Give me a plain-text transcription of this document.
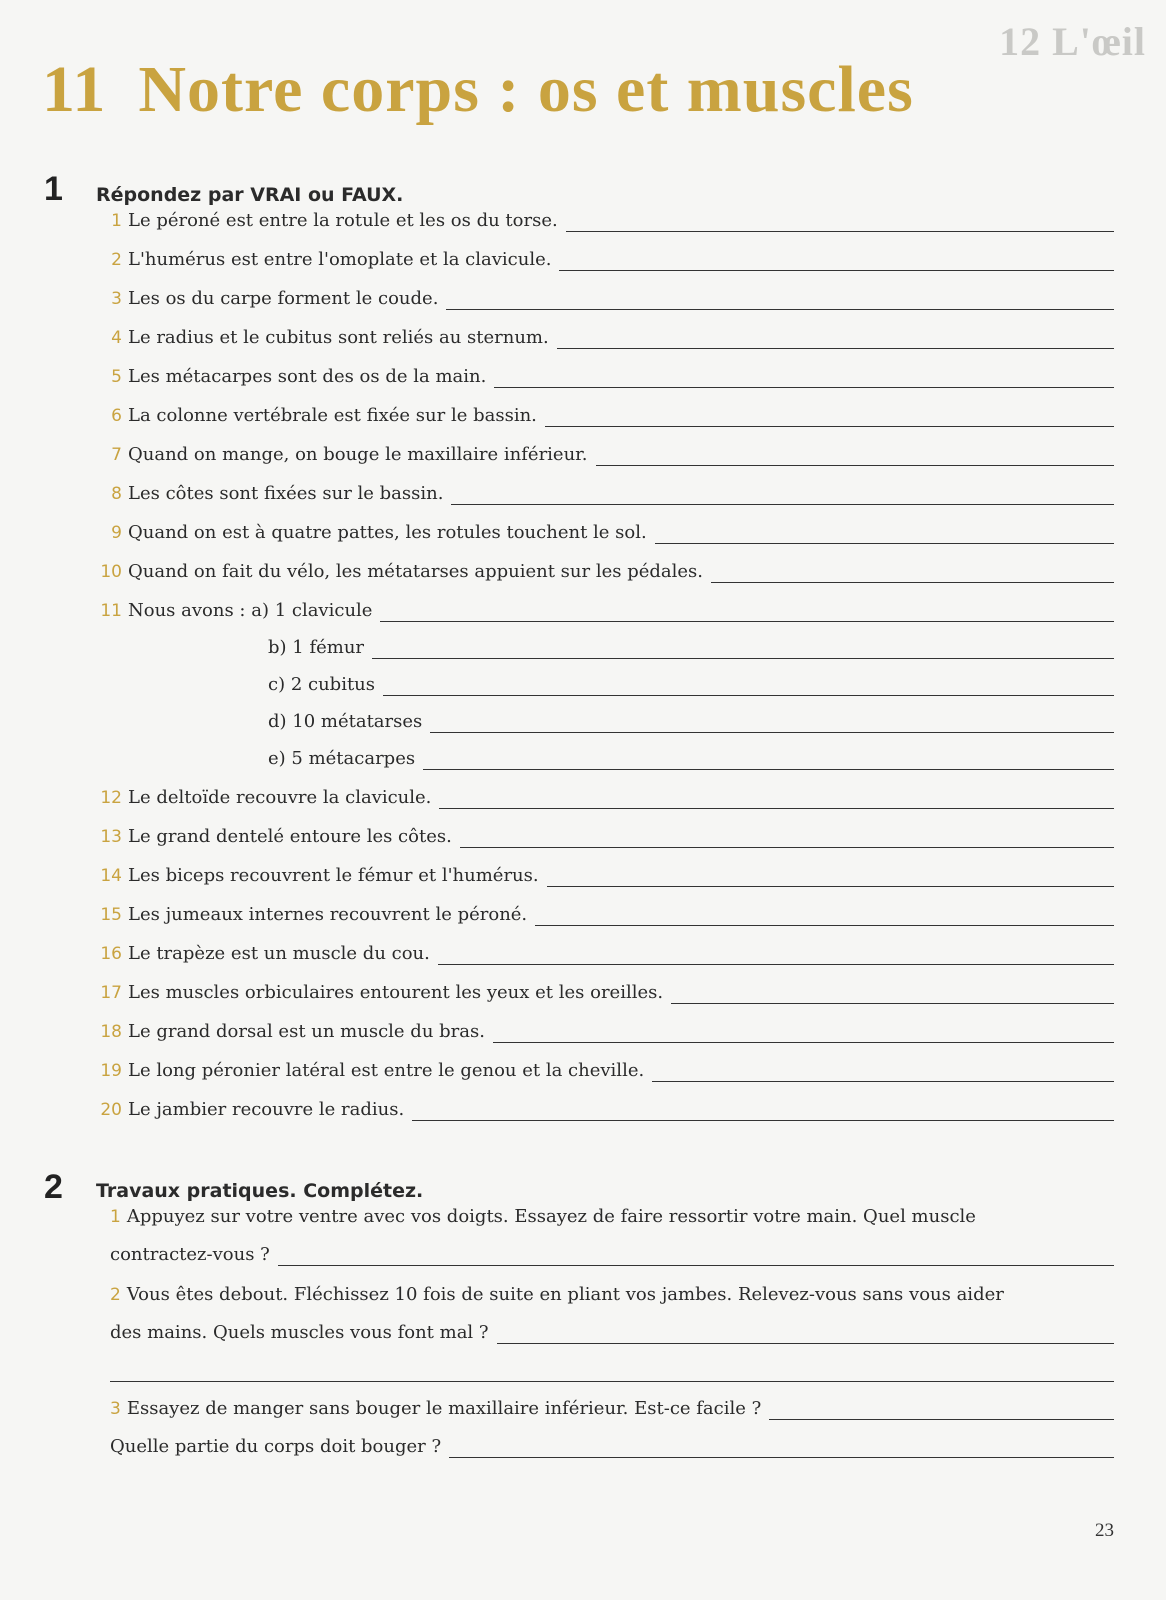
12 L'œil
11 Notre corps : os et muscles
1 Répondez par VRAI ou FAUX.
1 Le péroné est entre la rotule et les os du torse.
2 L'humérus est entre l'omoplate et la clavicule.
3 Les os du carpe forment le coude.
4 Le radius et le cubitus sont reliés au sternum.
5 Les métacarpes sont des os de la main.
6 La colonne vertébrale est fixée sur le bassin.
7 Quand on mange, on bouge le maxillaire inférieur.
8 Les côtes sont fixées sur le bassin.
9 Quand on est à quatre pattes, les rotules touchent le sol.
10 Quand on fait du vélo, les métatarses appuient sur les pédales.
11 Nous avons : a) 1 clavicule
b) 1 fémur
c) 2 cubitus
d) 10 métatarses
e) 5 métacarpes
12 Le deltoïde recouvre la clavicule.
13 Le grand dentelé entoure les côtes.
14 Les biceps recouvrent le fémur et l'humérus.
15 Les jumeaux internes recouvrent le péroné.
16 Le trapèze est un muscle du cou.
17 Les muscles orbiculaires entourent les yeux et les oreilles.
18 Le grand dorsal est un muscle du bras.
19 Le long péronier latéral est entre le genou et la cheville.
20 Le jambier recouvre le radius.
2 Travaux pratiques. Complétez.
1 Appuyez sur votre ventre avec vos doigts. Essayez de faire ressortir votre main. Quel muscle
contractez-vous ?
2 Vous êtes debout. Fléchissez 10 fois de suite en pliant vos jambes. Relevez-vous sans vous aider
des mains. Quels muscles vous font mal ?
3 Essayez de manger sans bouger le maxillaire inférieur. Est-ce facile ?
Quelle partie du corps doit bouger ?
23
